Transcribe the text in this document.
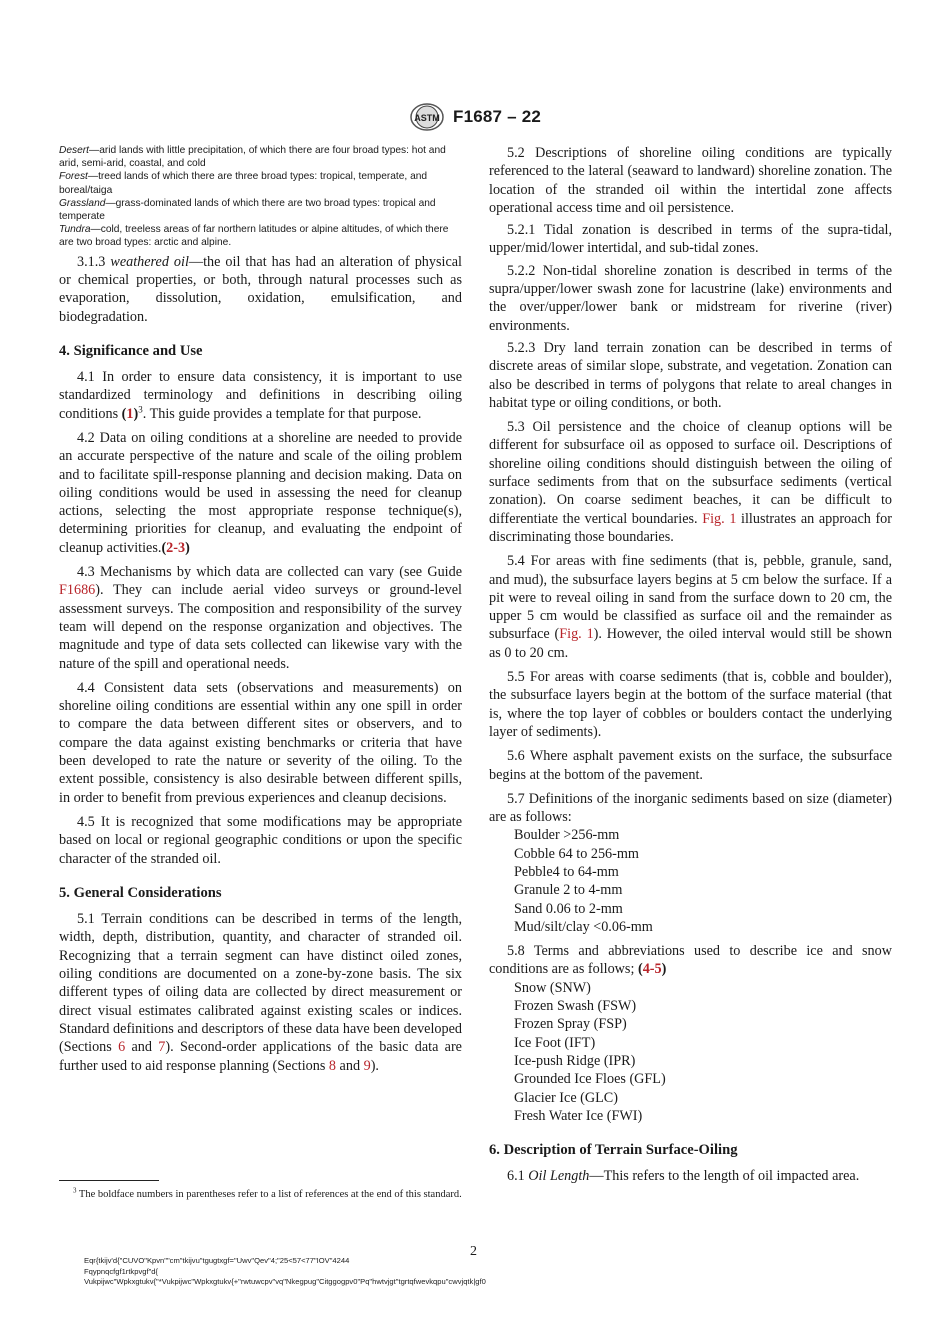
ASTM F1687 – 22
Desert—arid lands with little precipitation, of which there are four broad types: hot and arid, semi-arid, coastal, and cold
Forest—treed lands of which there are three broad types: tropical, temperate, and boreal/taiga
Grassland—grass-dominated lands of which there are two broad types: tropical and temperate
Tundra—cold, treeless areas of far northern latitudes or alpine altitudes, of which there are two broad types: arctic and alpine.

3.1.3 weathered oil—the oil that has had an alteration of physical or chemical properties, or both, through natural processes such as evaporation, dissolution, oxidation, emulsification, and biodegradation.

4. Significance and Use

4.1 In order to ensure data consistency, it is important to use standardized terminology and definitions in describing oiling conditions $(1)^3$. This guide provides a template for that purpose.

4.2 Data on oiling conditions at a shoreline are needed to provide an accurate perspective of the nature and scale of the oiling problem and to facilitate spill-response planning and decision making. Data on oiling conditions would be used in assessing the need for cleanup actions, selecting the most appropriate response technique(s), determining priorities for cleanup, and evaluating the endpoint of cleanup activities.(2-3)

4.3 Mechanisms by which data are collected can vary (see Guide F1686). They can include aerial video surveys or ground-level assessment surveys. The composition and responsibility of the survey team will depend on the response organization and objectives. The magnitude and type of data sets collected can likewise vary with the nature of the spill and operational needs.

4.4 Consistent data sets (observations and measurements) on shoreline oiling conditions are essential within any one spill in order to compare the data between different sites or observers, and to compare the data against existing benchmarks or criteria that have been developed to rate the nature or severity of the oiling. To the extent possible, consistency is also desirable between different spills, in order to benefit from previous experiences and cleanup decisions.

4.5 It is recognized that some modifications may be appropriate based on local or regional geographic conditions or upon the specific character of the stranded oil.

5. General Considerations

5.1 Terrain conditions can be described in terms of the length, width, depth, distribution, quantity, and character of stranded oil. Recognizing that a terrain segment can have distinct oiled zones, oiling conditions are documented on a zone-by-zone basis. The six different types of oiling data are collected by direct measurement or direct visual estimates calibrated against existing scales or indices. Standard definitions and descriptors of these data have been developed (Sections 6 and 7). Second-order applications of the basic data are further used to aid response planning (Sections 8 and 9).

5.2 Descriptions of shoreline oiling conditions are typically referenced to the lateral (seaward to landward) shoreline zonation. The location of the stranded oil within the intertidal zone affects operational access time and oil persistence.

5.2.1 Tidal zonation is described in terms of the supra-tidal, upper/mid/lower intertidal, and sub-tidal zones.

5.2.2 Non-tidal shoreline zonation is described in terms of the supra/upper/lower swash zone for lacustrine (lake) environments and the over/upper/lower bank or midstream for riverine (river) environments.

5.2.3 Dry land terrain zonation can be described in terms of discrete areas of similar slope, substrate, and vegetation. Zonation can also be described in terms of polygons that relate to areal changes in habitat type or oiling conditions, or both.

5.3 Oil persistence and the choice of cleanup options will be different for subsurface oil as opposed to surface oil. Descriptions of shoreline oiling conditions should distinguish between the oiling of surface sediments from that on the subsurface sediments (vertical zonation). On coarse sediment beaches, it can be difficult to differentiate the vertical boundaries. Fig. 1 illustrates an approach for discriminating those boundaries.

5.4 For areas with fine sediments (that is, pebble, granule, sand, and mud), the subsurface layers begins at 5 cm below the surface. If a pit were to reveal oiling in sand from the surface down to 20 cm, the upper 5 cm would be classified as surface oil and the remainder as subsurface (Fig. 1). However, the oiled interval would still be shown as 0 to 20 cm.

5.5 For areas with coarse sediments (that is, cobble and boulder), the subsurface layers begin at the bottom of the surface material (that is, where the top layer of cobbles or boulders contact the underlying layer of sediments).

5.6 Where asphalt pavement exists on the surface, the subsurface begins at the bottom of the pavement.

5.7 Definitions of the inorganic sediments based on size (diameter) are as follows:

Boulder >256-mm
Cobble 64 to 256-mm
Pebble4 to 64-mm
Granule 2 to 4-mm
Sand 0.06 to 2-mm
Mud/silt/clay <0.06-mm

5.8 Terms and abbreviations used to describe ice and snow conditions are as follows; (4-5)

Snow (SNW)
Frozen Swash (FSW)
Frozen Spray (FSP)
Ice Foot (IFT)
Ice-push Ridge (IPR)
Grounded Ice Floes (GFL)
Glacier Ice (GLC)
Fresh Water Ice (FWI)
6. Description of Terrain Surface-Oiling

6.1 Oil Length—This refers to the length of oil impacted area.

$^3$ The boldface numbers in parentheses refer to a list of references at the end of this standard.
2
Eqr{tkijv'd{"CUVO"Kpvn""cm"tkijvu"tgugtxgf="Uwv"Qev"4;"25<57<77"IOV"4244
Fqypnqcfgf1rtkpvgf"d{
Vukpijwc"Wpkxgtukv{"*Vukpijwc"Wpkxgtukv{+"rwtuwcpv"vq"Nkegpug"Citggogpv0"Pq"hwtvjgt"tgrtqfwevkqpu"cwvjqtk|gf0
